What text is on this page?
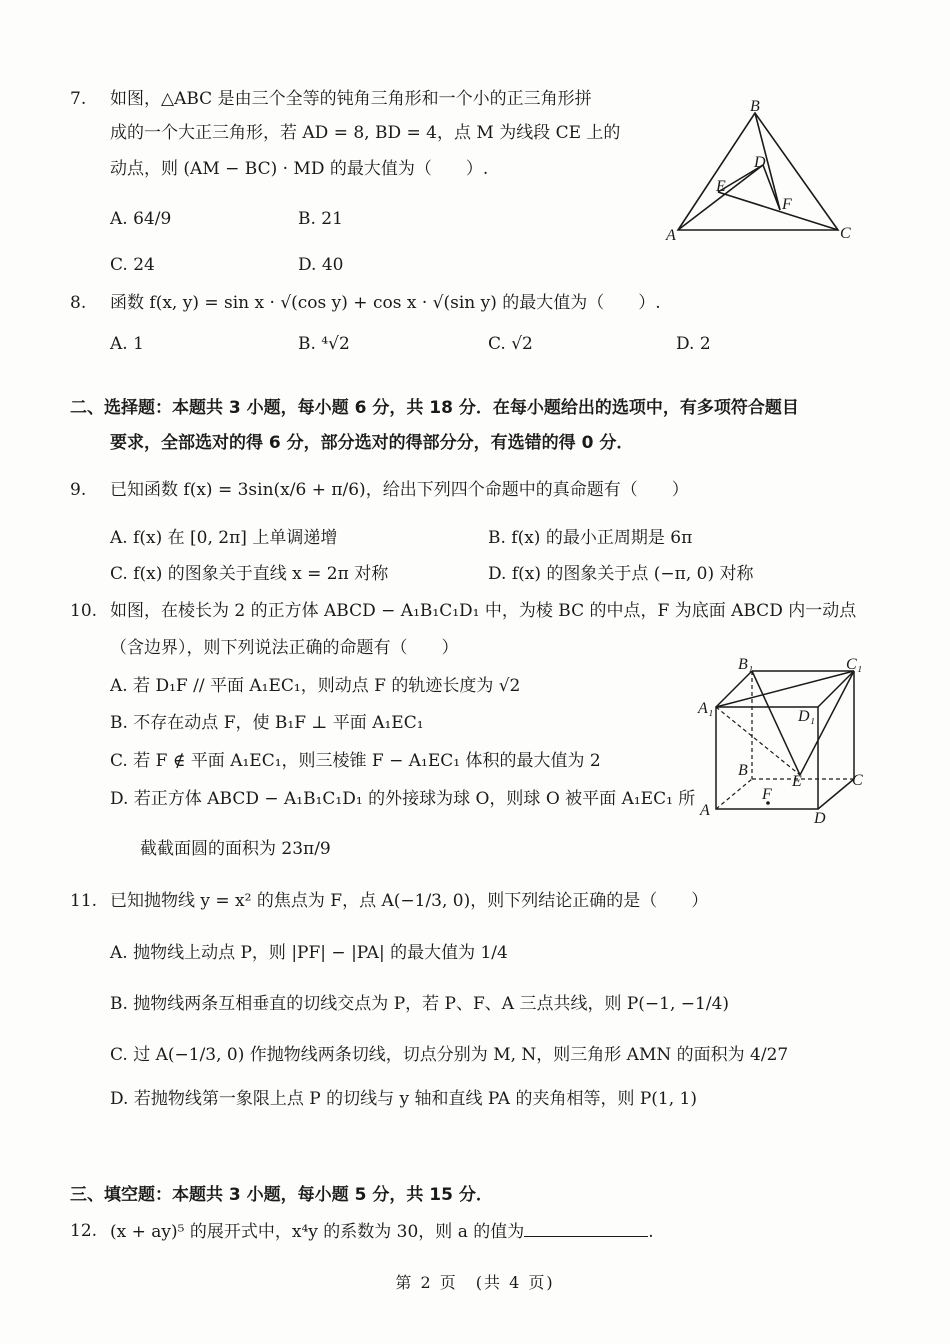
7. 如图，△ABC 是由三个全等的钝角三角形和一个小的正三角形拼
成的一个大正三角形，若 AD = 8, BD = 4，点 M 为线段 CE 上的
动点，则 (AM − BC) · MD 的最大值为（　　）.
A. 64/9	B. 21
C. 24	D. 40
B
D
E
F
A	C
8. 函数 f(x, y) = sin x · √(cos y) + cos x · √(sin y) 的最大值为（　　）.
A. 1	B. ⁴√2	C. √2	D. 2
二、选择题：本题共 3 小题，每小题 6 分，共 18 分．在每小题给出的选项中，有多项符合题目
要求，全部选对的得 6 分，部分选对的得部分分，有选错的得 0 分．
9. 已知函数 f(x) = 3sin(x/6 + π/6)，给出下列四个命题中的真命题有（　　）
A. f(x) 在 [0, 2π] 上单调递增	B. f(x) 的最小正周期是 6π
C. f(x) 的图象关于直线 x = 2π 对称	D. f(x) 的图象关于点 (−π, 0) 对称
10. 如图，在棱长为 2 的正方体 ABCD − A₁B₁C₁D₁ 中，为棱 BC 的中点，F 为底面 ABCD 内一动点
（含边界），则下列说法正确的命题有（　　）
A. 若 D₁F // 平面 A₁EC₁，则动点 F 的轨迹长度为 √2
B. 不存在动点 F，使 B₁F ⊥ 平面 A₁EC₁
C. 若 F ∉ 平面 A₁EC₁，则三棱锥 F − A₁EC₁ 体积的最大值为 2
D. 若正方体 ABCD − A₁B₁C₁D₁ 的外接球为球 O，则球 O 被平面 A₁EC₁ 所
截截面圆的面积为 23π/9
B₁	C₁
A₁	D₁
B
E	C
F
A	D
11. 已知抛物线 y = x² 的焦点为 F，点 A(−1/3, 0)，则下列结论正确的是（　　）
A. 抛物线上动点 P，则 |PF| − |PA| 的最大值为 1/4
B. 抛物线两条互相垂直的切线交点为 P，若 P、F、A 三点共线，则 P(−1, −1/4)
C. 过 A(−1/3, 0) 作抛物线两条切线，切点分别为 M, N，则三角形 AMN 的面积为 4/27
D. 若抛物线第一象限上点 P 的切线与 y 轴和直线 PA 的夹角相等，则 P(1, 1)
三、填空题：本题共 3 小题，每小题 5 分，共 15 分．
12. (x + ay)⁵ 的展开式中，x⁴y 的系数为 30，则 a 的值为	.
第 2 页　(共 4 页)
